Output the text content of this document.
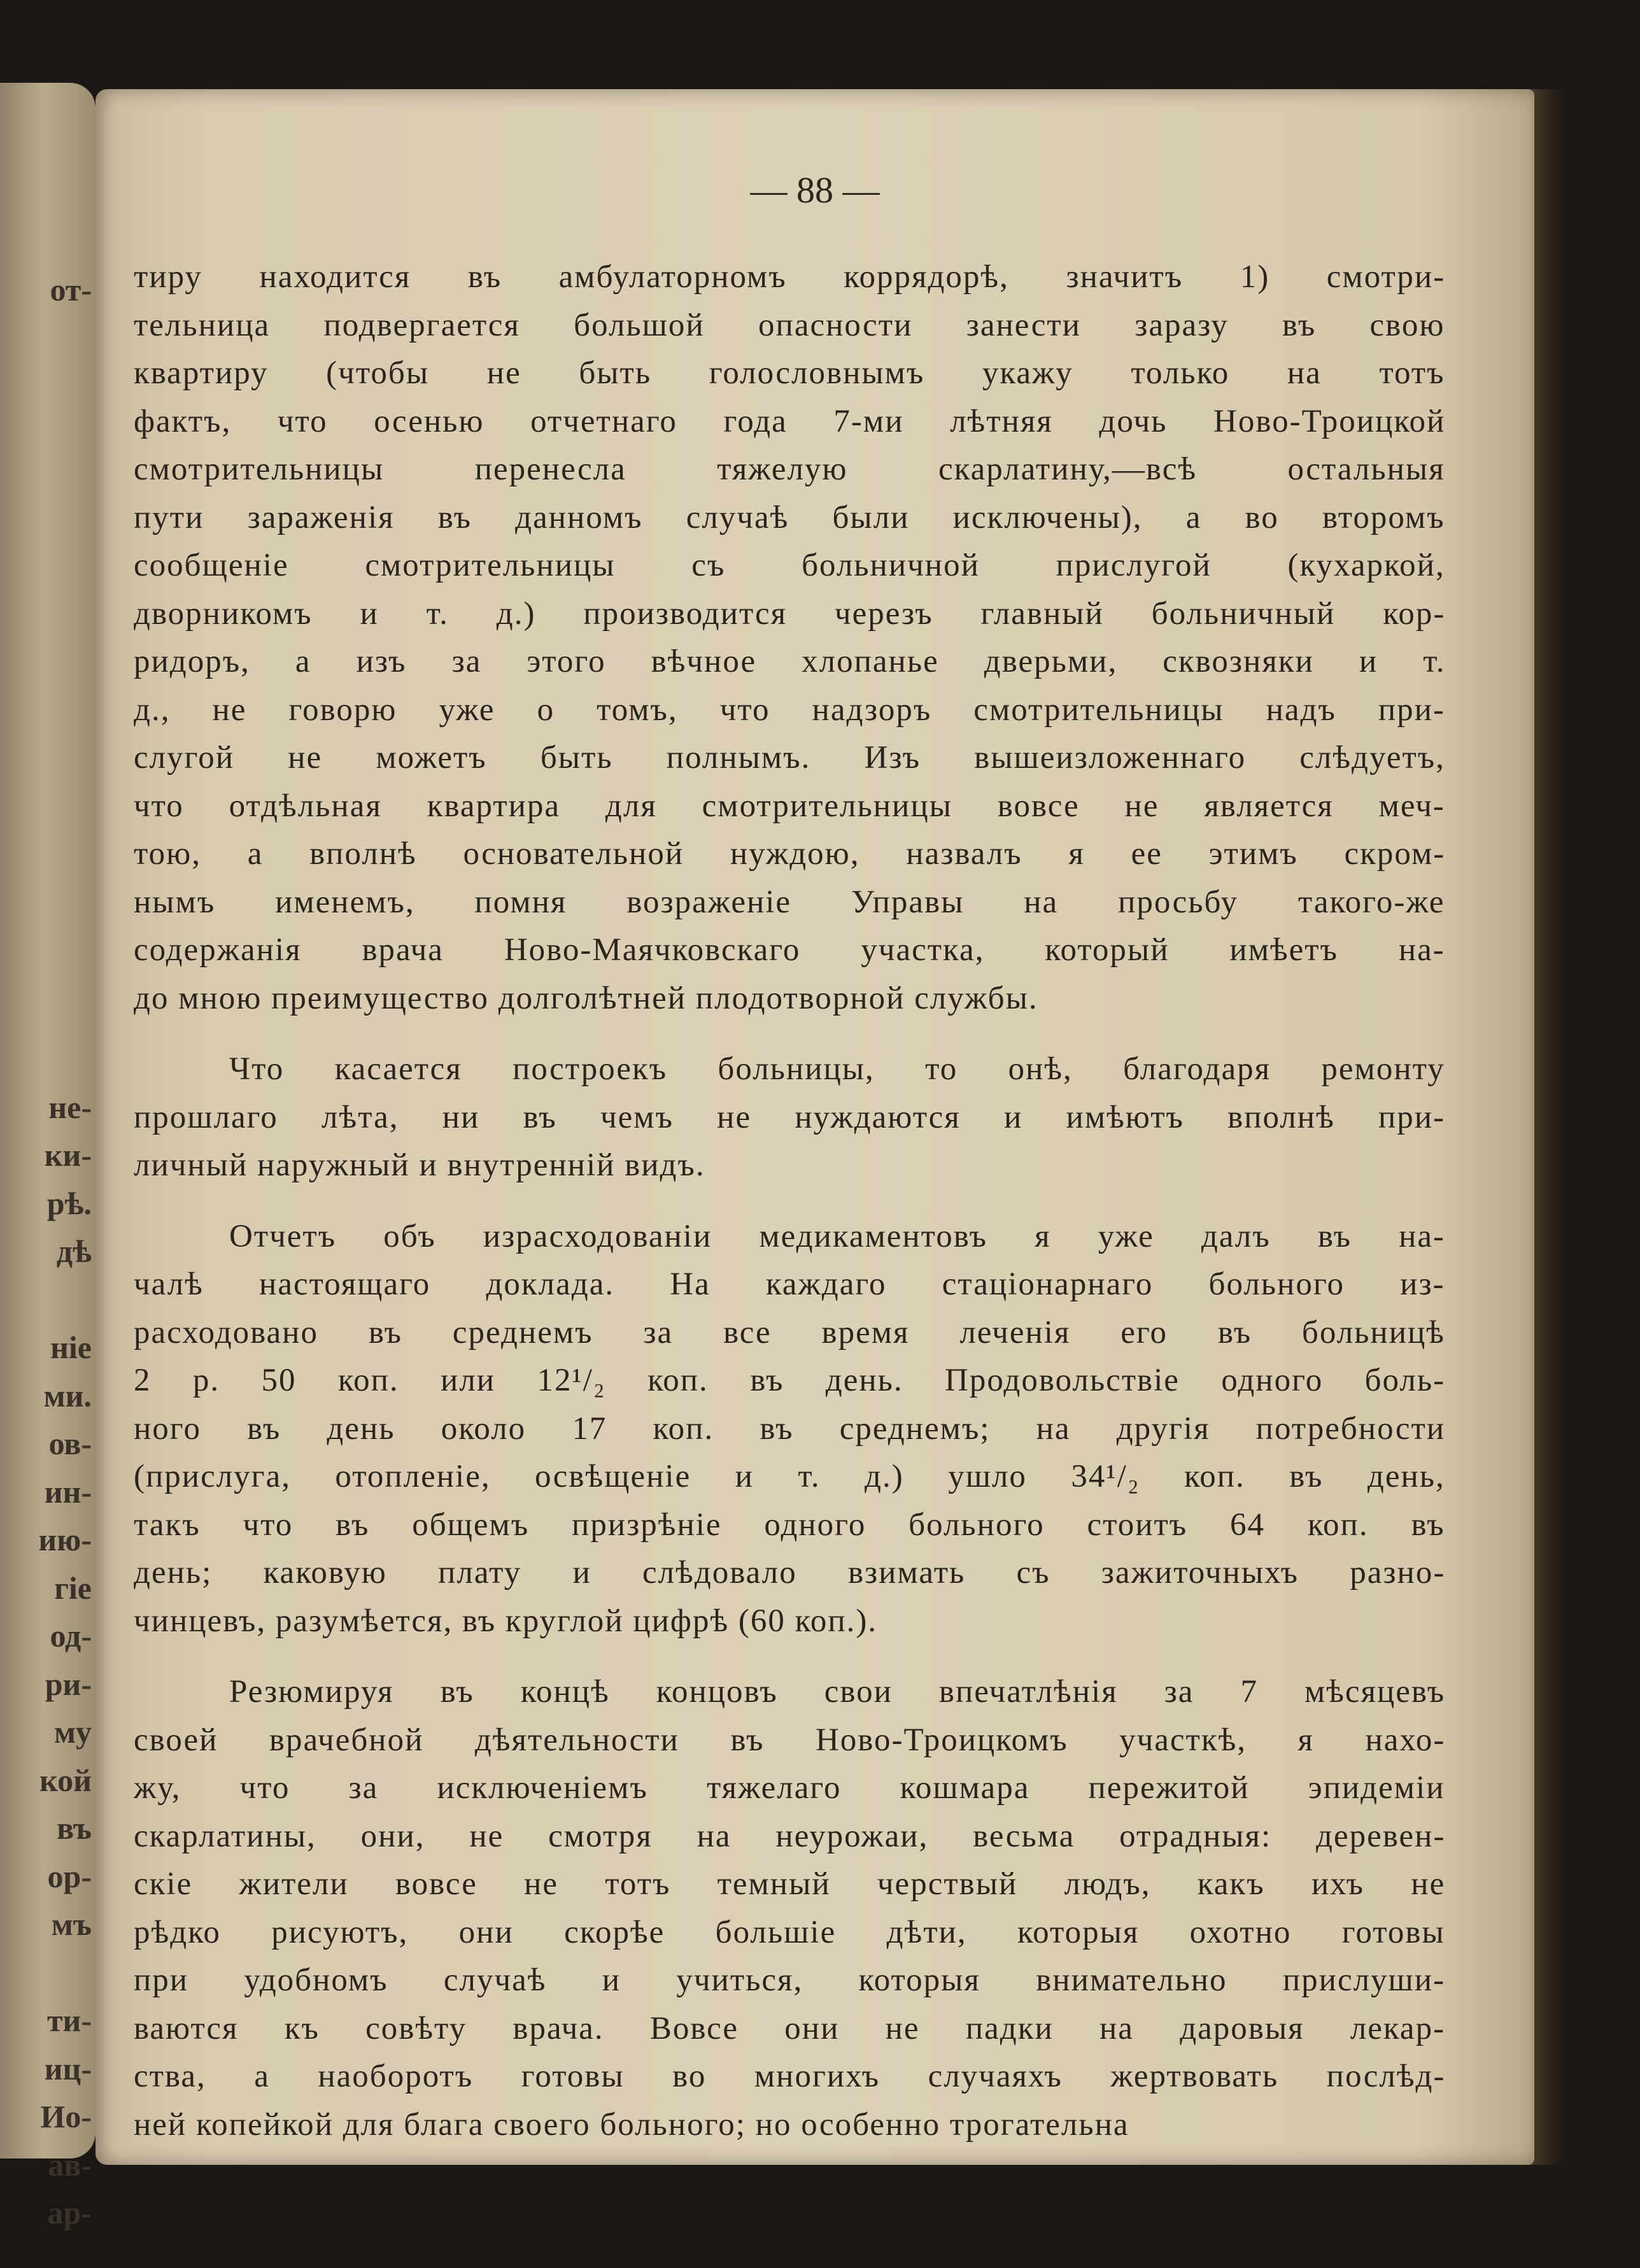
от-

не-

ки-

рѣ.

дѣ

ніе

ми.

ов-

ин-

ию-

гіе

од-

ри-

му

кой

въ

ор-

мъ

ти-

иц-

Ио-

ав-

ар-

— 88 —

тиру находится въ амбулаторномъ коррядорѣ, значитъ 1) смотри-

тельница подвергается большой опасности занести заразу въ свою

квартиру (чтобы не быть голословнымъ укажу только на тотъ

фактъ, что осенью отчетнаго года 7-ми лѣтняя дочь Ново-Троицкой

смотрительницы перенесла тяжелую скарлатину,—всѣ остальныя

пути зараженія въ данномъ случаѣ были исключены), а во второмъ

сообщеніе смотрительницы съ больничной прислугой (кухаркой,

дворникомъ и т. д.) производится черезъ главный больничный кор-

ридоръ, а изъ за этого вѣчное хлопанье дверьми, сквозняки и т.

д., не говорю уже о томъ, что надзоръ смотрительницы надъ при-

слугой не можетъ быть полнымъ. Изъ вышеизложеннаго слѣдуетъ,

что отдѣльная квартира для смотрительницы вовсе не является меч-

тою, а вполнѣ основательной нуждою, назвалъ я ее этимъ скром-

нымъ именемъ, помня возраженіе Управы на просьбу такого-же

содержанія врача Ново-Маячковскаго участка, который имѣетъ на-

до мною преимущество долголѣтней плодотворной службы.

Что касается построекъ больницы, то онѣ, благодаря ремонту

прошлаго лѣта, ни въ чемъ не нуждаются и имѣютъ вполнѣ при-

личный наружный и внутренній видъ.

Отчетъ объ израсходованіи медикаментовъ я уже далъ въ на-

чалѣ настоящаго доклада. На каждаго стаціонарнаго больного из-

расходовано въ среднемъ за все время леченія его въ больницѣ

2 р. 50 коп. или 12¹/₂ коп. въ день. Продовольствіе одного боль-

ного въ день около 17 коп. въ среднемъ; на другія потребности

(прислуга, отопленіе, освѣщеніе и т. д.) ушло 34¹/₂ коп. въ день,

такъ что въ общемъ призрѣніе одного больного стоитъ 64 коп. въ

день; каковую плату и слѣдовало взимать съ зажиточныхъ разно-

чинцевъ, разумѣется, въ круглой цифрѣ (60 коп.).

Резюмируя въ концѣ концовъ свои впечатлѣнія за 7 мѣсяцевъ

своей врачебной дѣятельности въ Ново-Троицкомъ участкѣ, я нахо-

жу, что за исключеніемъ тяжелаго кошмара пережитой эпидеміи

скарлатины, они, не смотря на неурожаи, весьма отрадныя: деревен-

скіе жители вовсе не тотъ темный черствый людъ, какъ ихъ не

рѣдко рисуютъ, они скорѣе большіе дѣти, которыя охотно готовы

при удобномъ случаѣ и учиться, которыя внимательно прислуши-

ваются къ совѣту врача. Вовсе они не падки на даровыя лекар-

ства, а наоборотъ готовы во многихъ случаяхъ жертвовать послѣд-

ней копейкой для блага своего больного; но особенно трогательна
